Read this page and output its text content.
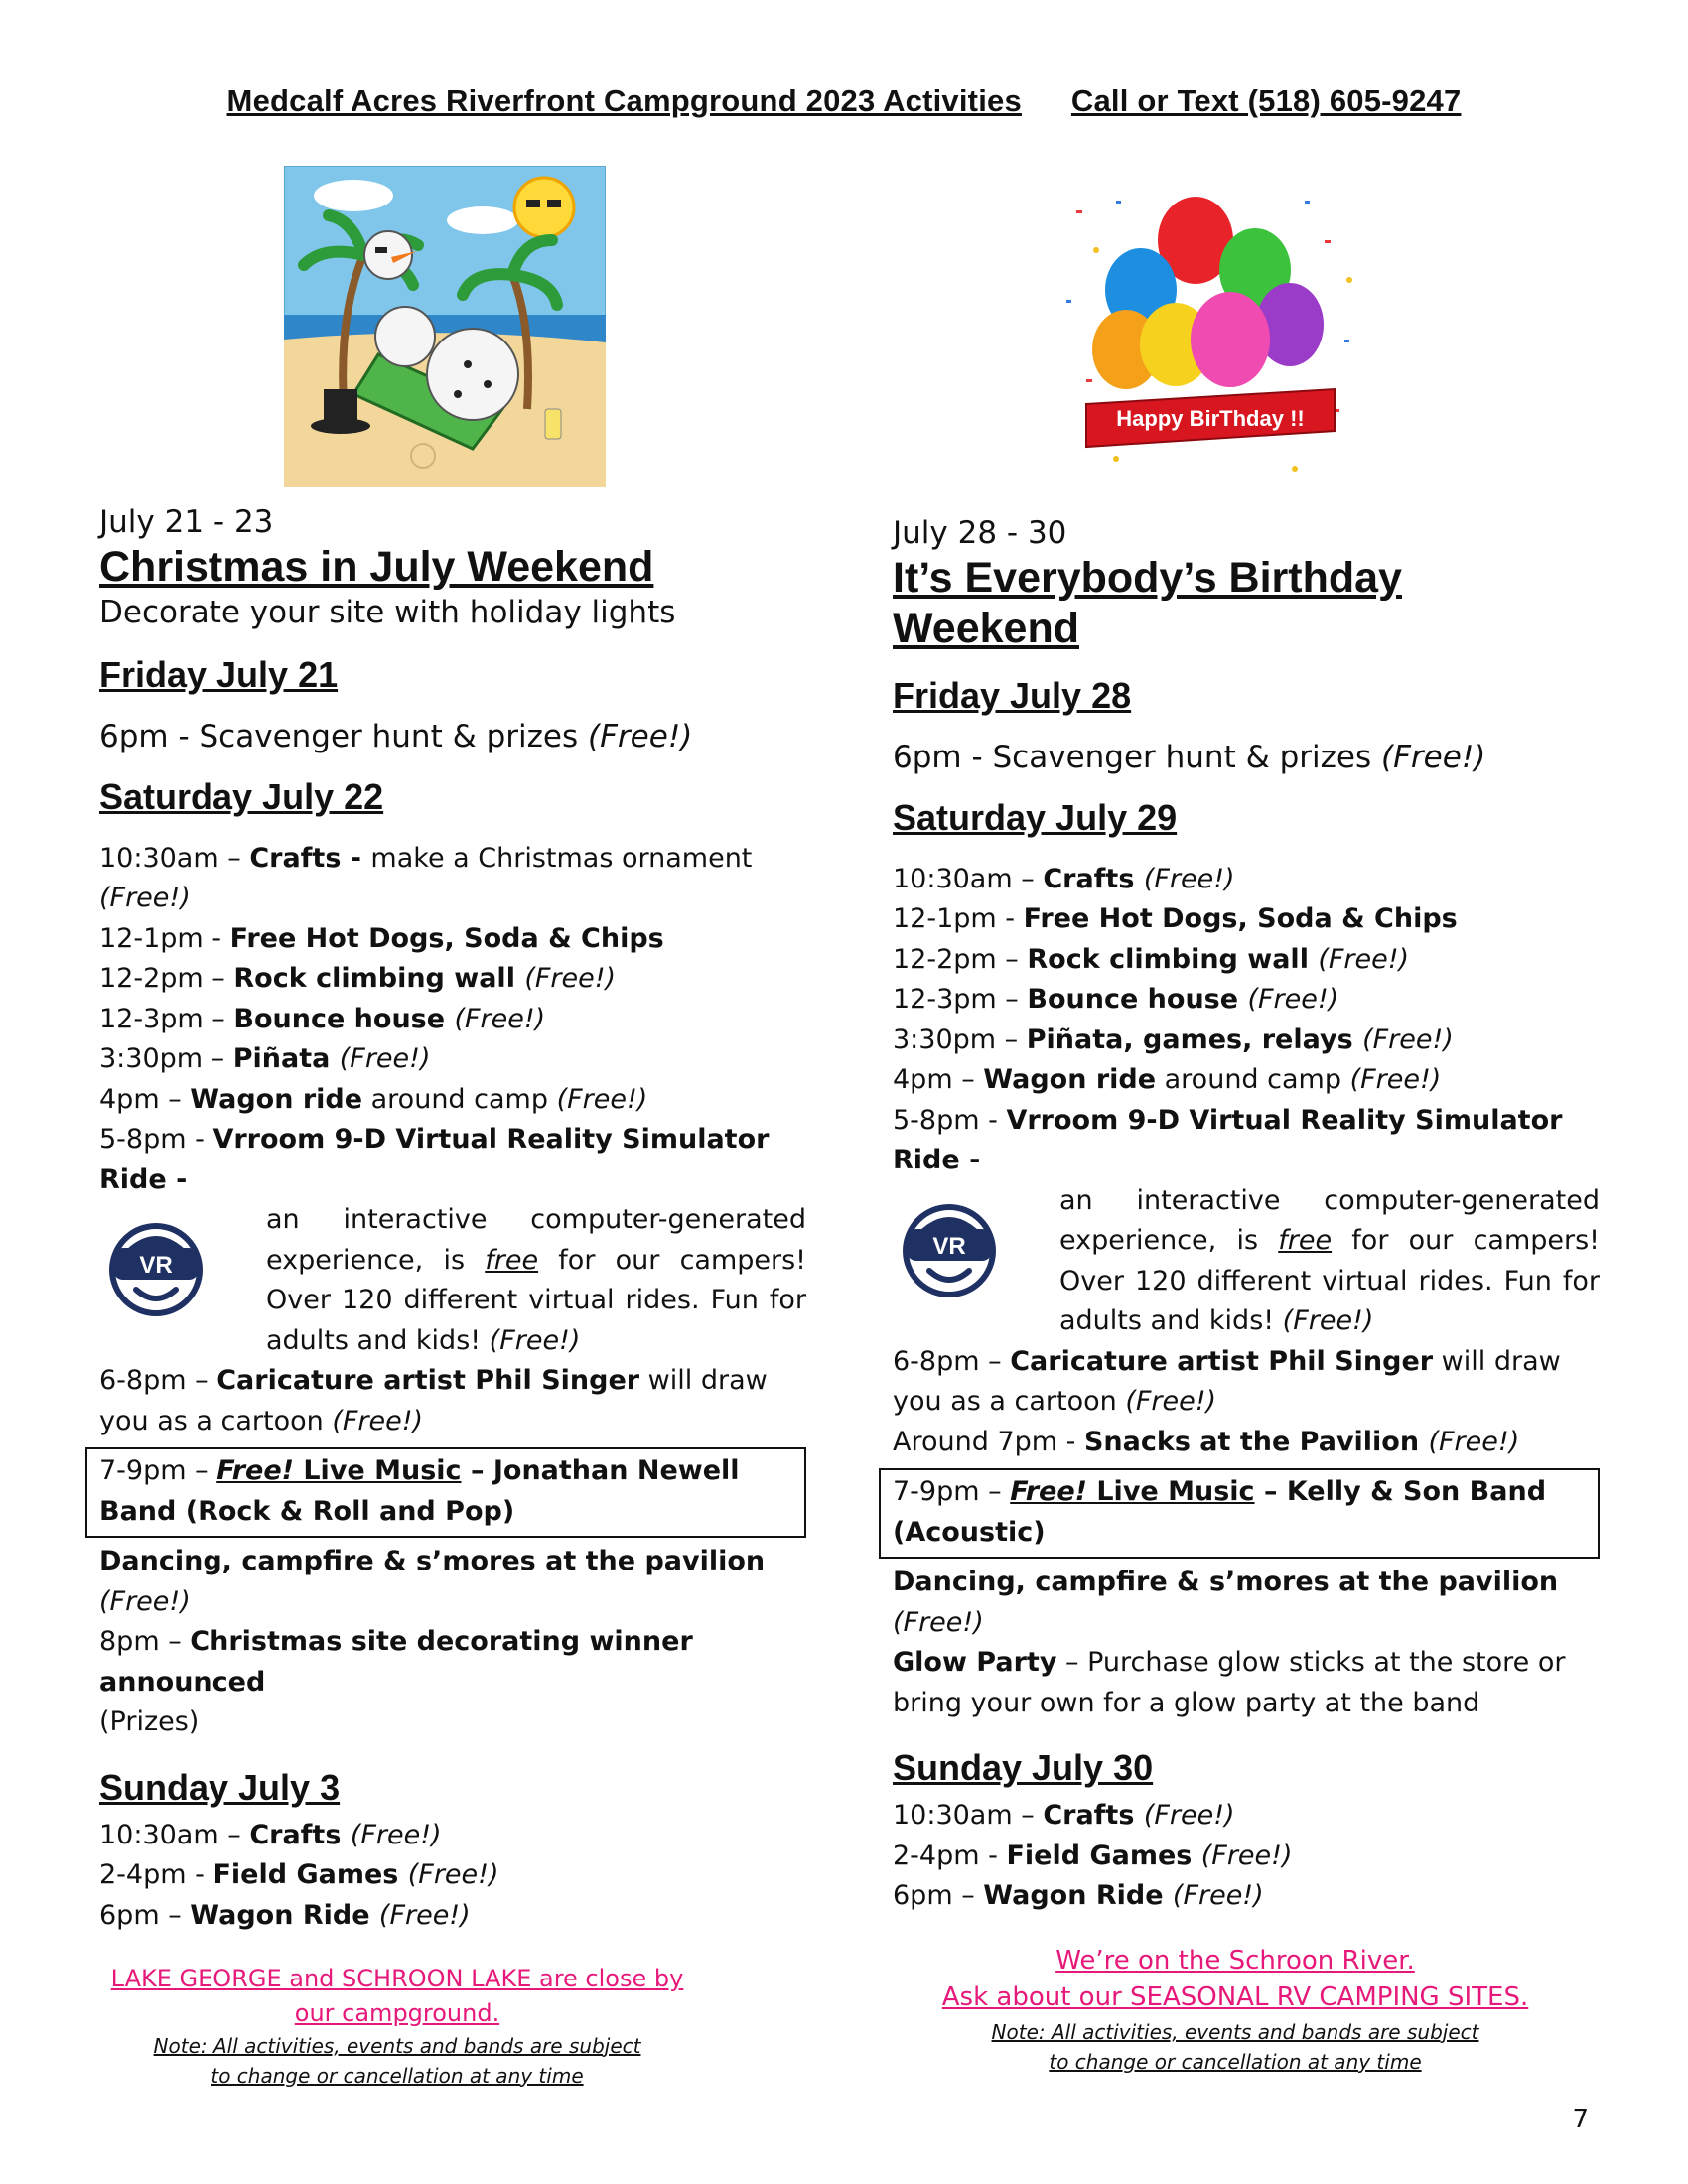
Medcalf Acres Riverfront Campground 2023 Activities Call or Text (518) 605-9247
Happy BirThday !!

July 21 - 23

Christmas in July Weekend

Decorate your site with holiday lights

Friday July 21

6pm - Scavenger hunt & prizes (Free!)

Saturday July 22

10:30am – Crafts - make a Christmas ornament
(Free!)

12-1pm - Free Hot Dogs, Soda & Chips

12-2pm – Rock climbing wall (Free!)

12-3pm – Bounce house (Free!)

3:30pm – Piñata (Free!)

4pm – Wagon ride around camp (Free!)

5-8pm - Vrroom 9-D Virtual Reality Simulator Ride -

VR
an interactive computer-generated experience, is free for our campers! Over 120 different virtual rides. Fun for adults and kids! (Free!)

6-8pm – Caricature artist Phil Singer will draw you as a cartoon (Free!)

7-9pm – Free! Live Music – Jonathan Newell Band (Rock & Roll and Pop)

Dancing, campfire & s’mores at the pavilion (Free!)

8pm – Christmas site decorating winner announced
(Prizes)

Sunday July 3

10:30am – Crafts (Free!)

2-4pm - Field Games (Free!)

6pm – Wagon Ride (Free!)

LAKE GEORGE and SCHROON LAKE are close by our campground.

Note: All activities, events and bands are subject

to change or cancellation at any time

July 28 - 30

It’s Everybody’s Birthday

Weekend

Friday July 28

6pm - Scavenger hunt & prizes (Free!)

Saturday July 29

10:30am – Crafts (Free!)

12-1pm - Free Hot Dogs, Soda & Chips

12-2pm – Rock climbing wall (Free!)

12-3pm – Bounce house (Free!)

3:30pm – Piñata, games, relays (Free!)

4pm – Wagon ride around camp (Free!)

5-8pm - Vrroom 9-D Virtual Reality Simulator Ride -

VR
an interactive computer-generated experience, is free for our campers! Over 120 different virtual rides. Fun for adults and kids! (Free!)

6-8pm – Caricature artist Phil Singer will draw you as a cartoon (Free!)

Around 7pm - Snacks at the Pavilion (Free!)

7-9pm – Free! Live Music – Kelly & Son Band (Acoustic)

Dancing, campfire & s’mores at the pavilion (Free!)

Glow Party – Purchase glow sticks at the store or bring your own for a glow party at the band

Sunday July 30

10:30am – Crafts (Free!)

2-4pm - Field Games (Free!)

6pm – Wagon Ride (Free!)

We’re on the Schroon River.

Ask about our SEASONAL RV CAMPING SITES.

Note: All activities, events and bands are subject

to change or cancellation at any time

7
